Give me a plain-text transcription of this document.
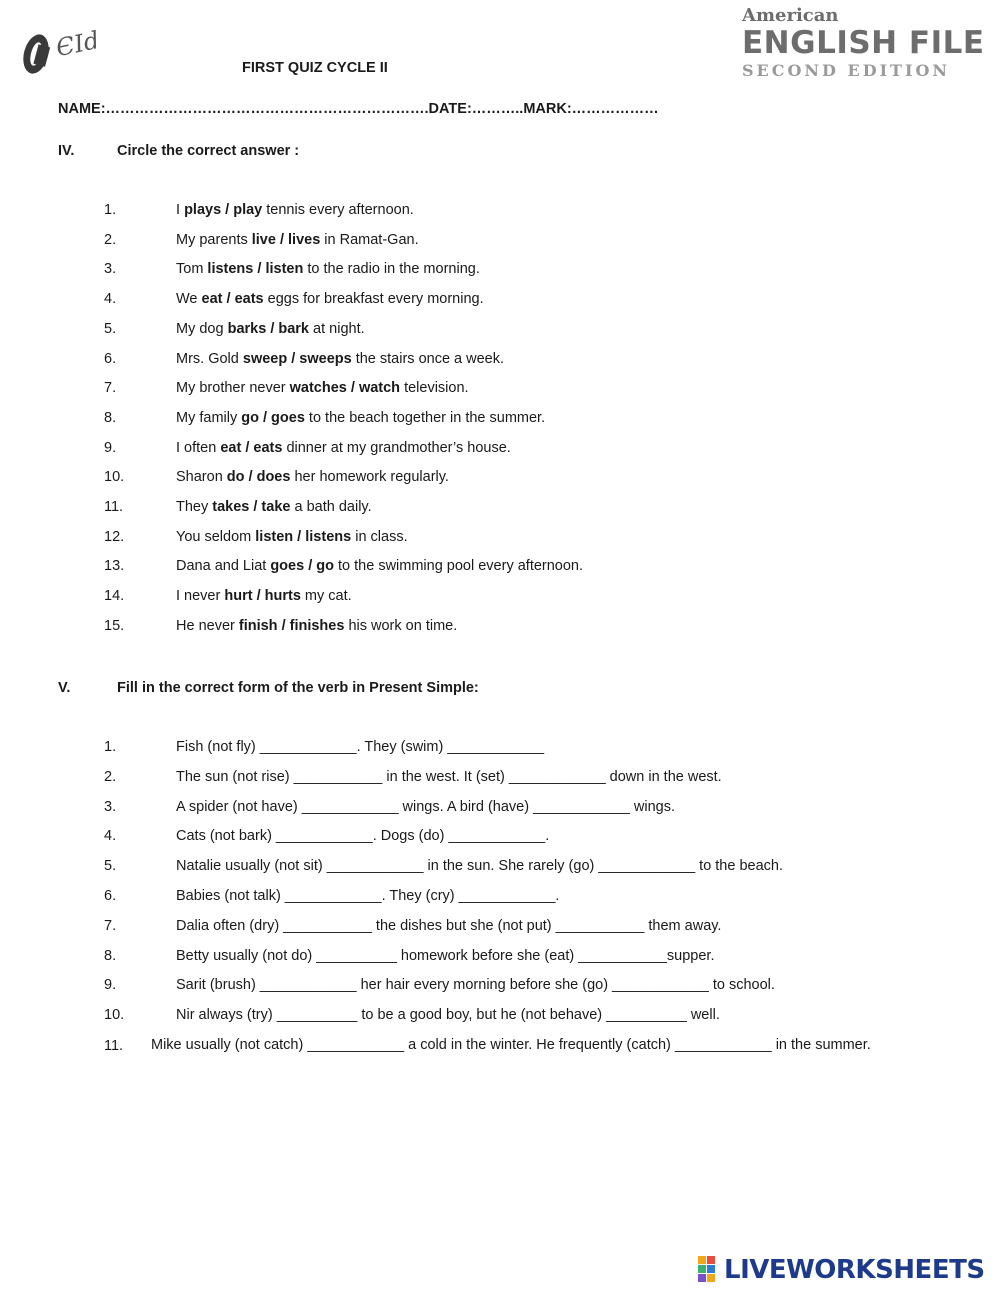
ЄId
American
ENGLISH FILE
SECOND EDITION
FIRST QUIZ CYCLE II
NAME:………………………………………………………….DATE:………..MARK:………………
IV.	Circle the correct answer :
1.	I plays / play tennis every afternoon.
2.	My parents live / lives in Ramat-Gan.
3.	Tom listens / listen to the radio in the morning.
4.	We eat / eats eggs for breakfast every morning.
5.	My dog barks / bark at night.
6.	Mrs. Gold sweep / sweeps the stairs once a week.
7.	My brother never watches / watch television.
8.	My family go / goes to the beach together in the summer.
9.	I often eat / eats dinner at my grandmother’s house.
10.	Sharon do / does her homework regularly.
11.	They takes / take a bath daily.
12.	You seldom listen / listens in class.
13.	Dana and Liat goes / go to the swimming pool every afternoon.
14.	I never hurt / hurts my cat.
15.	He never finish / finishes his work on time.
V.	Fill in the correct form of the verb in Present Simple:
1.	Fish (not fly) ____________. They (swim) ____________
2.	The sun (not rise) ___________ in the west. It (set) ____________ down in the west.
3.	A spider (not have) ____________ wings. A bird (have) ____________ wings.
4.	Cats (not bark) ____________. Dogs (do) ____________.
5.	Natalie usually (not sit) ____________ in the sun. She rarely (go) ____________ to the beach.
6.	Babies (not talk) ____________. They (cry) ____________.
7.	Dalia often (dry) ___________ the dishes but she (not put) ___________ them away.
8.	Betty usually (not do) __________ homework before she (eat) ___________supper.
9.	Sarit (brush) ____________ her hair every morning before she (go) ____________ to school.
10.	Nir always (try) __________ to be a good boy, but he (not behave) __________ well.
11.	Mike usually (not catch) ____________ a cold in the winter. He frequently (catch) ____________ in the summer.
LIVEWORKSHEETS
